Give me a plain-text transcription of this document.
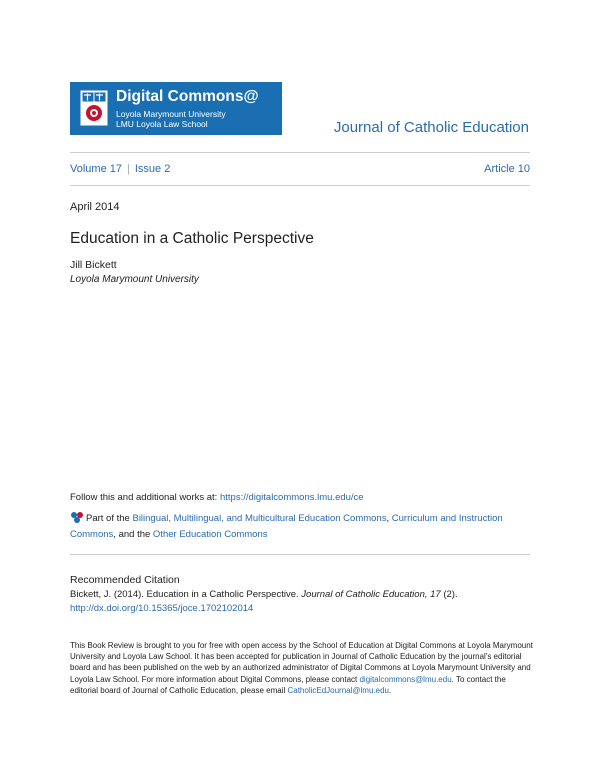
Digital Commons@
Loyola Marymount University
LMU Loyola Law School	Journal of Catholic Education
Volume 17 | Issue 2	Article 10
April 2014
Education in a Catholic Perspective
Jill Bickett
Loyola Marymount University
Follow this and additional works at: https://digitalcommons.lmu.edu/ce
Part of the Bilingual, Multilingual, and Multicultural Education Commons, Curriculum and Instruction Commons, and the Other Education Commons
Recommended Citation
Bickett, J. (2014). Education in a Catholic Perspective. Journal of Catholic Education, 17 (2). http://dx.doi.org/10.15365/joce.1702102014
This Book Review is brought to you for free with open access by the School of Education at Digital Commons at Loyola Marymount University and Loyola Law School. It has been accepted for publication in Journal of Catholic Education by the journal's editorial board and has been published on the web by an authorized administrator of Digital Commons at Loyola Marymount University and Loyola Law School. For more information about Digital Commons, please contact digitalcommons@lmu.edu. To contact the editorial board of Journal of Catholic Education, please email CatholicEdJournal@lmu.edu.
